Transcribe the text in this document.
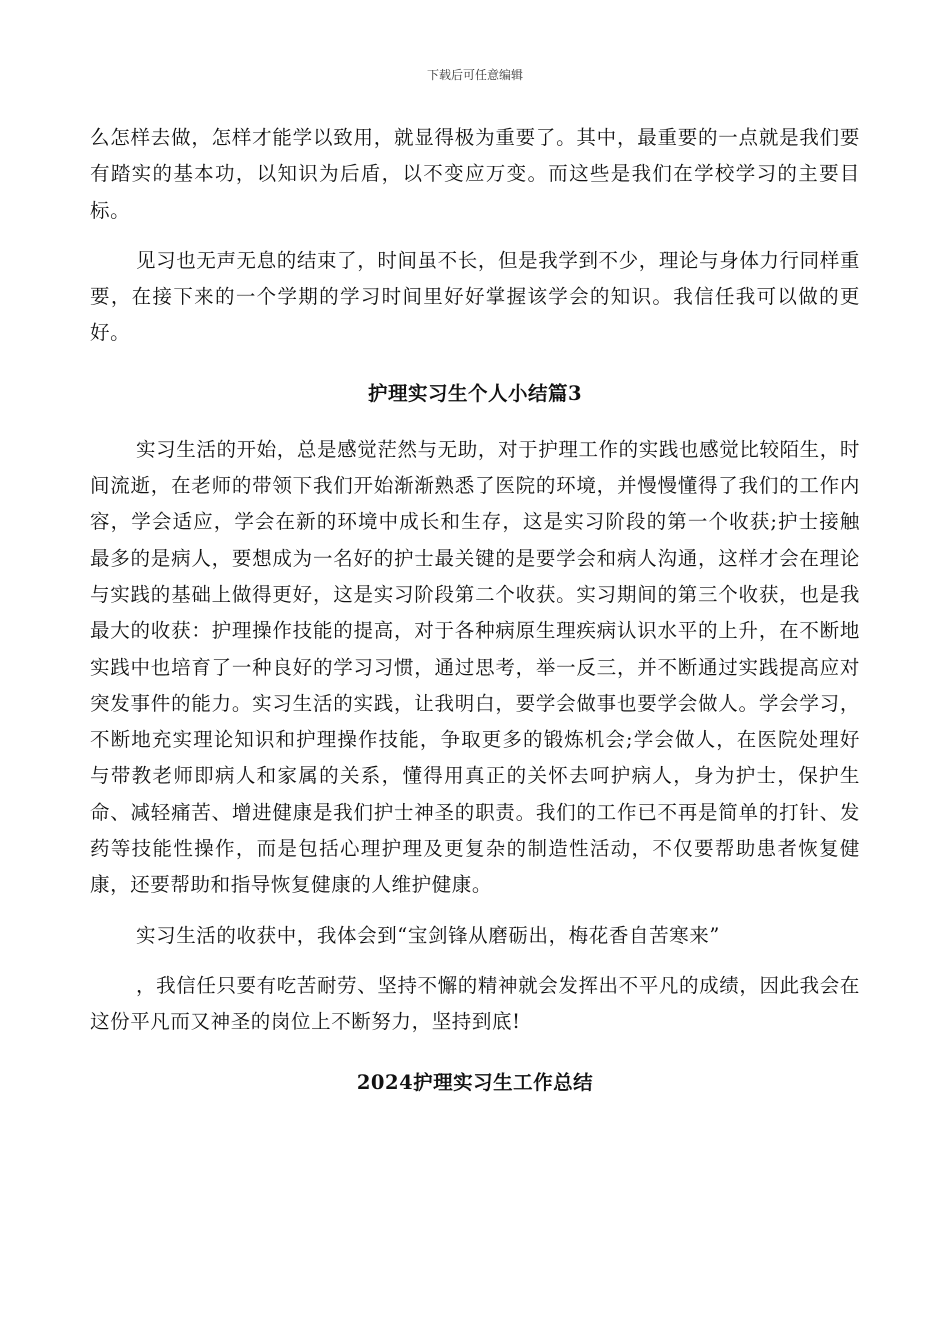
下载后可任意编辑

么怎样去做，怎样才能学以致用，就显得极为重要了。其中，最重要的一点就是我们要有踏实的基本功，以知识为后盾，以不变应万变。而这些是我们在学校学习的主要目标。

见习也无声无息的结束了，时间虽不长，但是我学到不少，理论与身体力行同样重要，在接下来的一个学期的学习时间里好好掌握该学会的知识。我信任我可以做的更好。

护理实习生个人小结篇3

实习生活的开始，总是感觉茫然与无助，对于护理工作的实践也感觉比较陌生，时间流逝，在老师的带领下我们开始渐渐熟悉了医院的环境，并慢慢懂得了我们的工作内容，学会适应，学会在新的环境中成长和生存，这是实习阶段的第一个收获;护士接触最多的是病人，要想成为一名好的护士最关键的是要学会和病人沟通，这样才会在理论与实践的基础上做得更好，这是实习阶段第二个收获。实习期间的第三个收获，也是我最大的收获：护理操作技能的提高，对于各种病原生理疾病认识水平的上升，在不断地实践中也培育了一种良好的学习习惯，通过思考，举一反三，并不断通过实践提高应对突发事件的能力。实习生活的实践，让我明白，要学会做事也要学会做人。学会学习，不断地充实理论知识和护理操作技能，争取更多的锻炼机会;学会做人，在医院处理好与带教老师即病人和家属的关系，懂得用真正的关怀去呵护病人，身为护士，保护生命、减轻痛苦、增进健康是我们护士神圣的职责。我们的工作已不再是简单的打针、发药等技能性操作，而是包括心理护理及更复杂的制造性活动，不仅要帮助患者恢复健康，还要帮助和指导恢复健康的人维护健康。

实习生活的收获中，我体会到“宝剑锋从磨砺出，梅花香自苦寒来”

，我信任只要有吃苦耐劳、坚持不懈的精神就会发挥出不平凡的成绩，因此我会在这份平凡而又神圣的岗位上不断努力，坚持到底!

2024护理实习生工作总结
